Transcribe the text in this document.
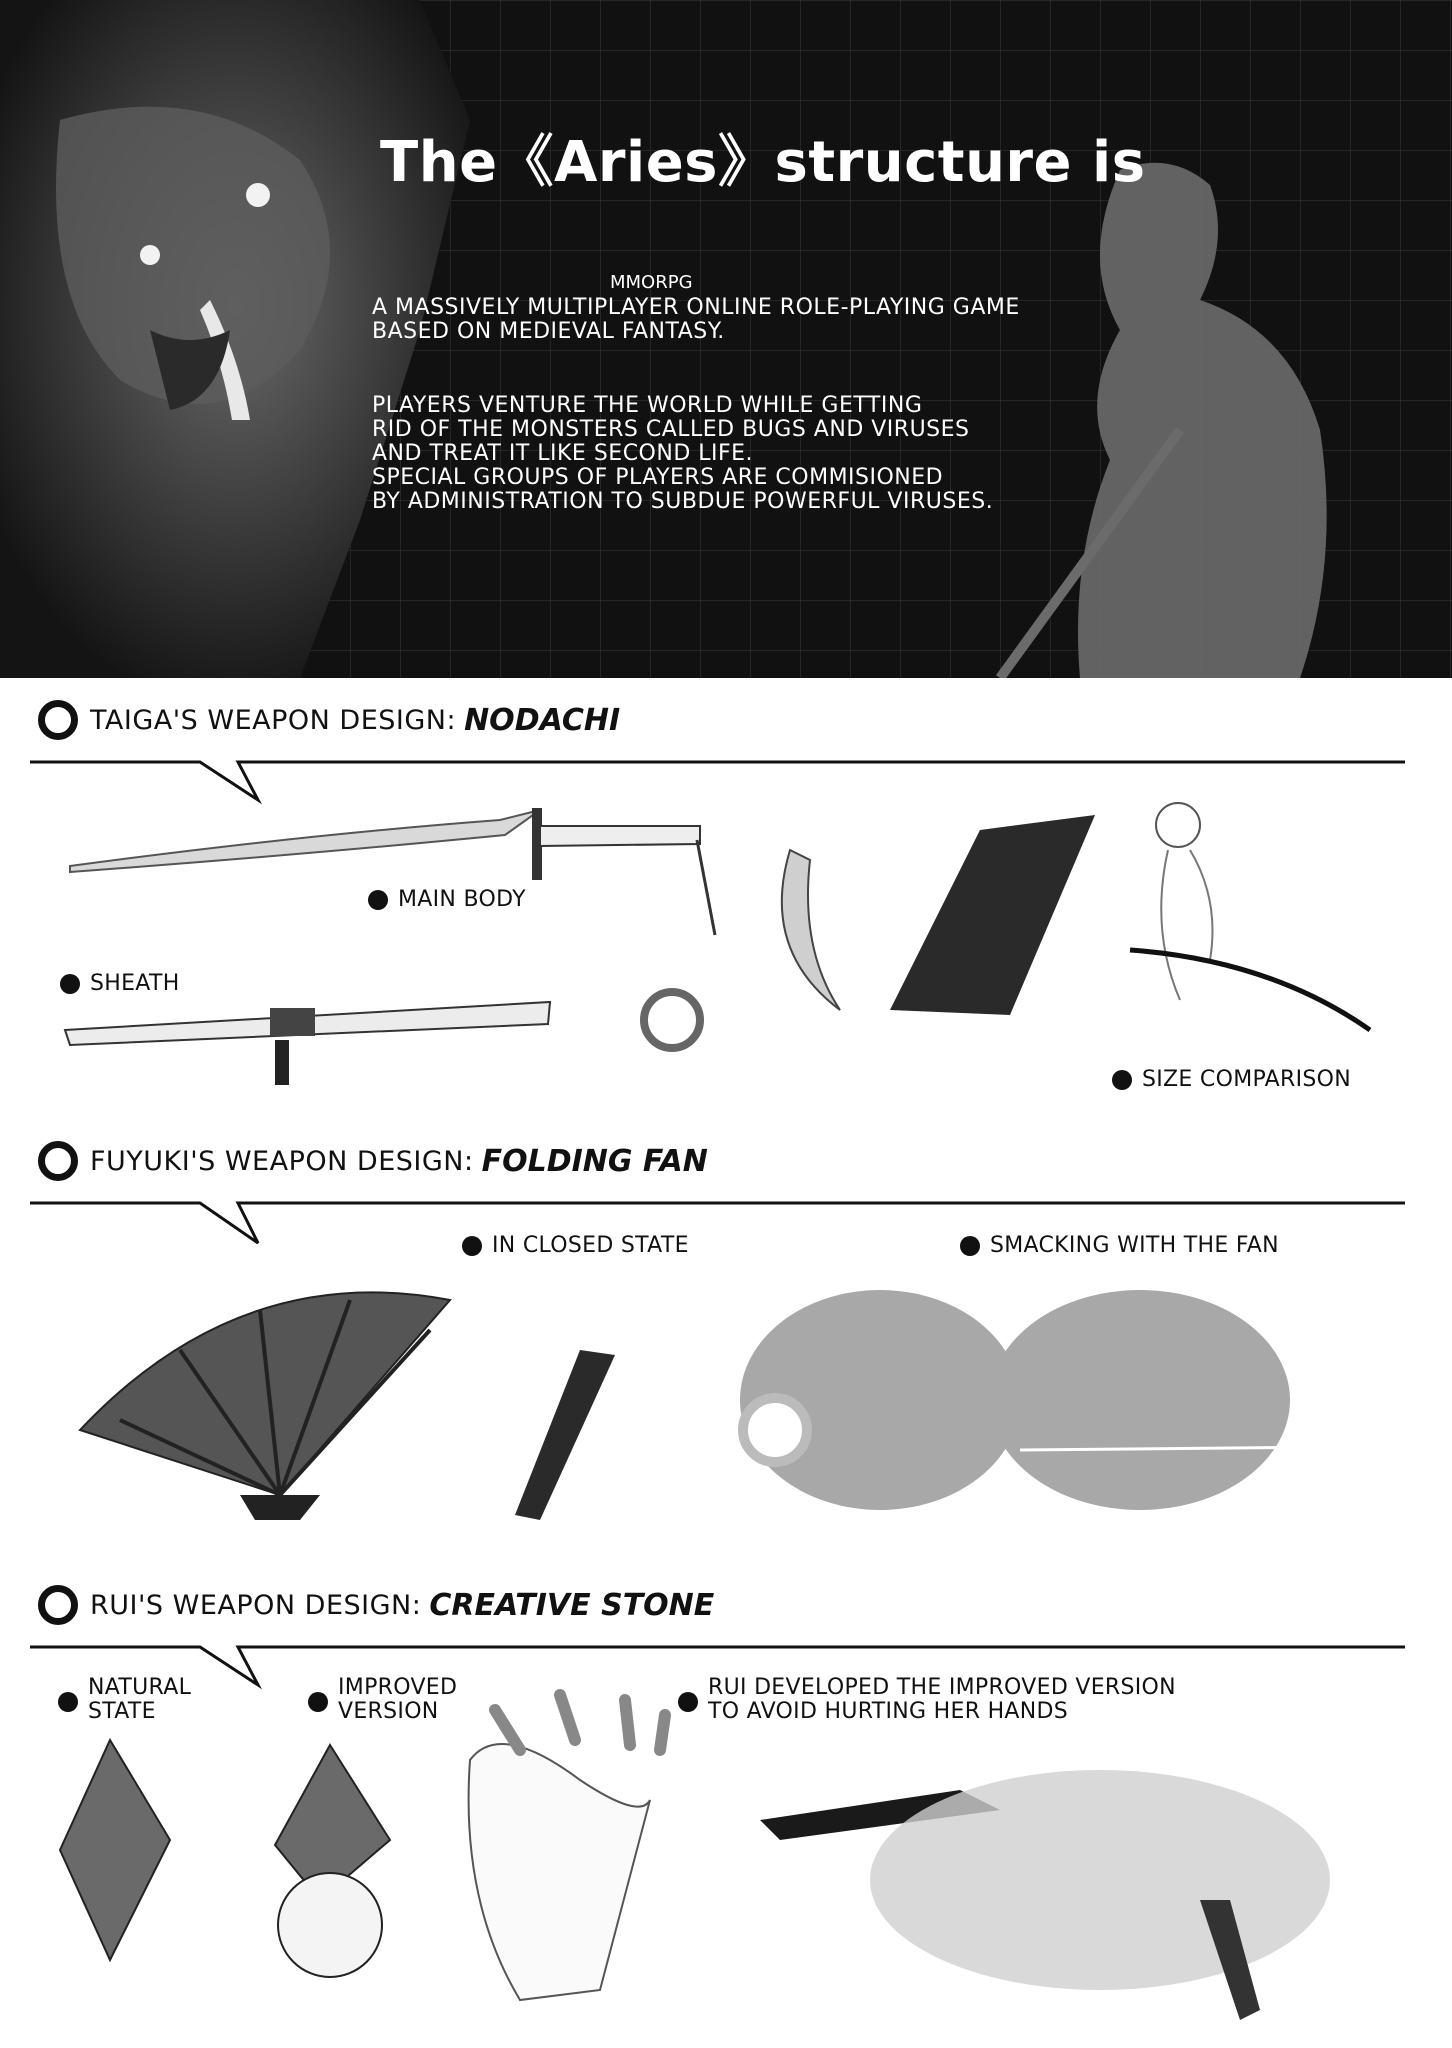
The《Aries》structure is
MMORPG
A MASSIVELY MULTIPLAYER ONLINE ROLE-PLAYING GAME
BASED ON MEDIEVAL FANTASY.
PLAYERS VENTURE THE WORLD WHILE GETTING
RID OF THE MONSTERS CALLED BUGS AND VIRUSES
AND TREAT IT LIKE SECOND LIFE.
SPECIAL GROUPS OF PLAYERS ARE COMMISIONED
BY ADMINISTRATION TO SUBDUE POWERFUL VIRUSES.
TAIGA'S WEAPON DESIGN: NODACHI
MAIN BODY
SHEATH
SIZE COMPARISON
FUYUKI'S WEAPON DESIGN: FOLDING FAN
IN CLOSED STATE	SMACKING WITH THE FAN
RUI'S WEAPON DESIGN: CREATIVE STONE
NATURAL
STATE
IMPROVED
VERSION
RUI DEVELOPED THE IMPROVED VERSION
TO AVOID HURTING HER HANDS
